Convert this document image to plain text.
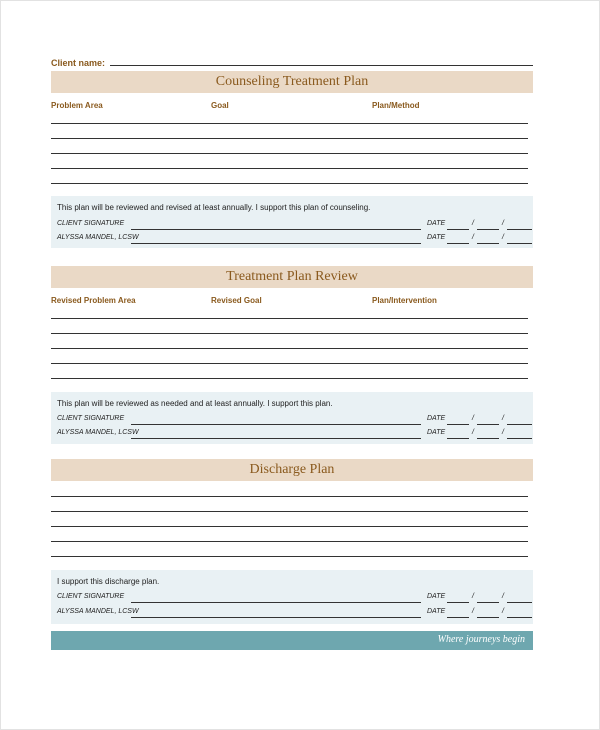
Client name:
Counseling Treatment Plan
Problem Area	Goal	Plan/Method
This plan will be reviewed and revised at least annually. I support this plan of counseling.
CLIENT SIGNATURE	DATE	/	/
ALYSSA MANDEL, LCSW	DATE	/	/
Treatment Plan Review
Revised Problem Area	Revised Goal	Plan/Intervention
This plan will be reviewed as needed and at least annually. I support this plan.
CLIENT SIGNATURE	DATE	/	/
ALYSSA MANDEL, LCSW	DATE	/	/
Discharge Plan
I support this discharge plan.
CLIENT SIGNATURE	DATE	/	/
ALYSSA MANDEL, LCSW	DATE	/	/
Where journeys begin
